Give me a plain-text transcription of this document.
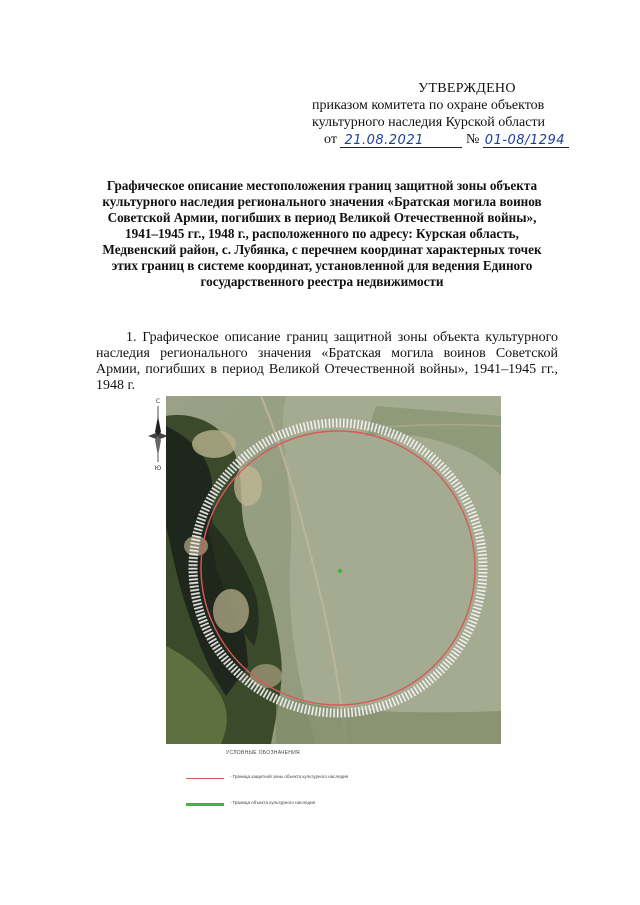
УТВЕРЖДЕНО
приказом комитета по охране объектов
культурного наследия Курской области
от 21.08.2021	№ 01-08/1294
Графическое описание местоположения границ защитной зоны объекта культурного наследия регионального значения «Братская могила воинов Советской Армии, погибших в период Великой Отечественной войны», 1941–1945 гг., 1948 г., расположенного по адресу: Курская область, Медвенский район, с. Лубянка, с перечнем координат характерных точек этих границ в системе координат, установленной для ведения Единого государственного реестра недвижимости
1. Графическое описание границ защитной зоны объекта культурного наследия регионального значения «Братская могила воинов Советской Армии, погибших в период Великой Отечественной войны», 1941–1945 гг., 1948 г.
С
Ю
УСЛОВНЫЕ ОБОЗНАЧЕНИЯ
- Граница защитной зоны объекта культурного наследия
- Граница объекта культурного наследия
